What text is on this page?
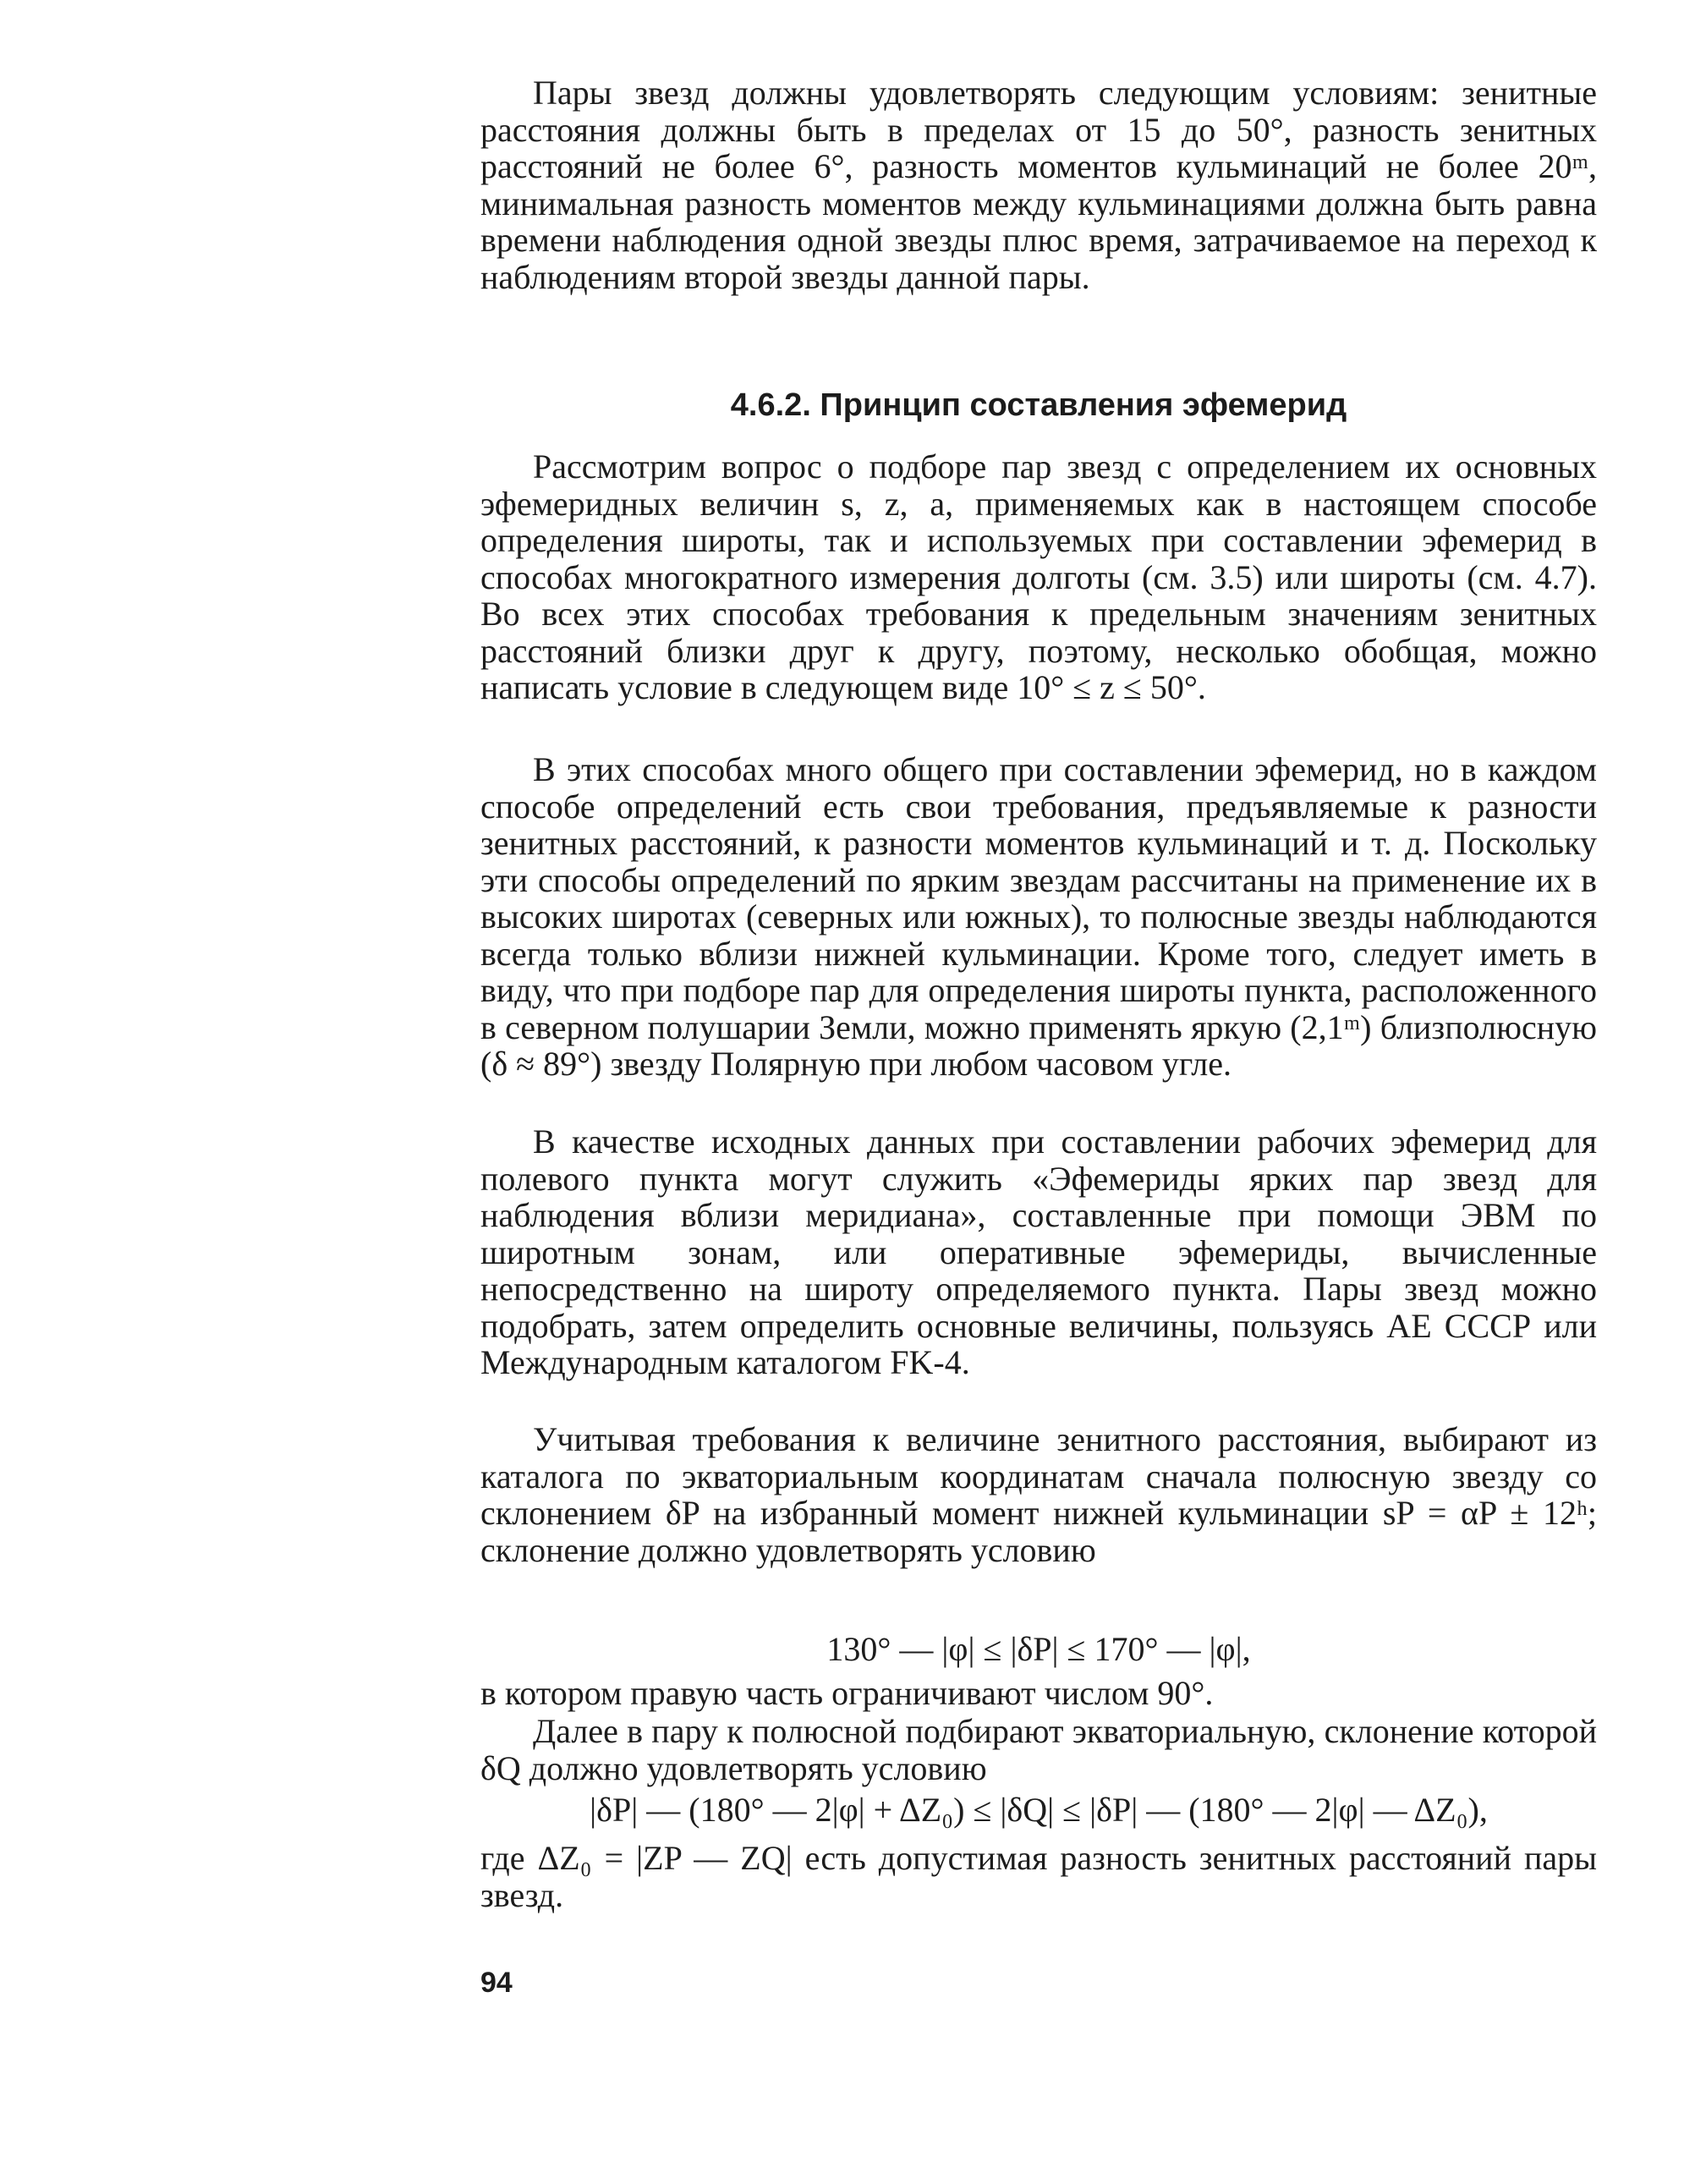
Пары звезд должны удовлетворять следующим условиям: зенитные расстояния должны быть в пределах от 15 до 50°, разность зенитных расстояний не более 6°, разность моментов кульминаций не более 20ᵐ, минимальная разность моментов между кульминациями должна быть равна времени наблюдения одной звезды плюс время, затрачиваемое на переход к наблюдениям второй звезды данной пары.

4.6.2. Принцип составления эфемерид

Рассмотрим вопрос о подборе пар звезд с определением их основных эфемеридных величин s, z, a, применяемых как в настоящем способе определения широты, так и используемых при составлении эфемерид в способах многократного измерения долготы (см. 3.5) или широты (см. 4.7). Во всех этих способах требования к предельным значениям зенитных расстояний близки друг к другу, поэтому, несколько обобщая, можно написать условие в следующем виде 10° ≤ z ≤ 50°.

В этих способах много общего при составлении эфемерид, но в каждом способе определений есть свои требования, предъявляемые к разности зенитных расстояний, к разности моментов кульминаций и т. д. Поскольку эти способы определений по ярким звездам рассчитаны на применение их в высоких широтах (северных или южных), то полюсные звезды наблюдаются всегда только вблизи нижней кульминации. Кроме того, следует иметь в виду, что при подборе пар для определения широты пункта, расположенного в северном полушарии Земли, можно применять яркую (2,1ᵐ) близполюсную (δ ≈ 89°) звезду Полярную при любом часовом угле.

В качестве исходных данных при составлении рабочих эфемерид для полевого пункта могут служить «Эфемериды ярких пар звезд для наблюдения вблизи меридиана», составленные при помощи ЭВМ по широтным зонам, или оперативные эфемериды, вычисленные непосредственно на широту определяемого пункта. Пары звезд можно подобрать, затем определить основные величины, пользуясь АЕ СССР или Международным каталогом FK-4.

Учитывая требования к величине зенитного расстояния, выбирают из каталога по экваториальным координатам сначала полюсную звезду со склонением δP на избранный момент нижней кульминации sP = αP ± 12ʰ; склонение должно удовлетворять условию

130° — |φ| ≤ |δP| ≤ 170° — |φ|,

в котором правую часть ограничивают числом 90°.

Далее в пару к полюсной подбирают экваториальную, склонение которой δQ должно удовлетворять условию

|δP| — (180° — 2|φ| + ΔZ₀) ≤ |δQ| ≤ |δP| — (180° — 2|φ| — ΔZ₀),

где ΔZ₀ = |ZP — ZQ| есть допустимая разность зенитных расстояний пары звезд.

94
